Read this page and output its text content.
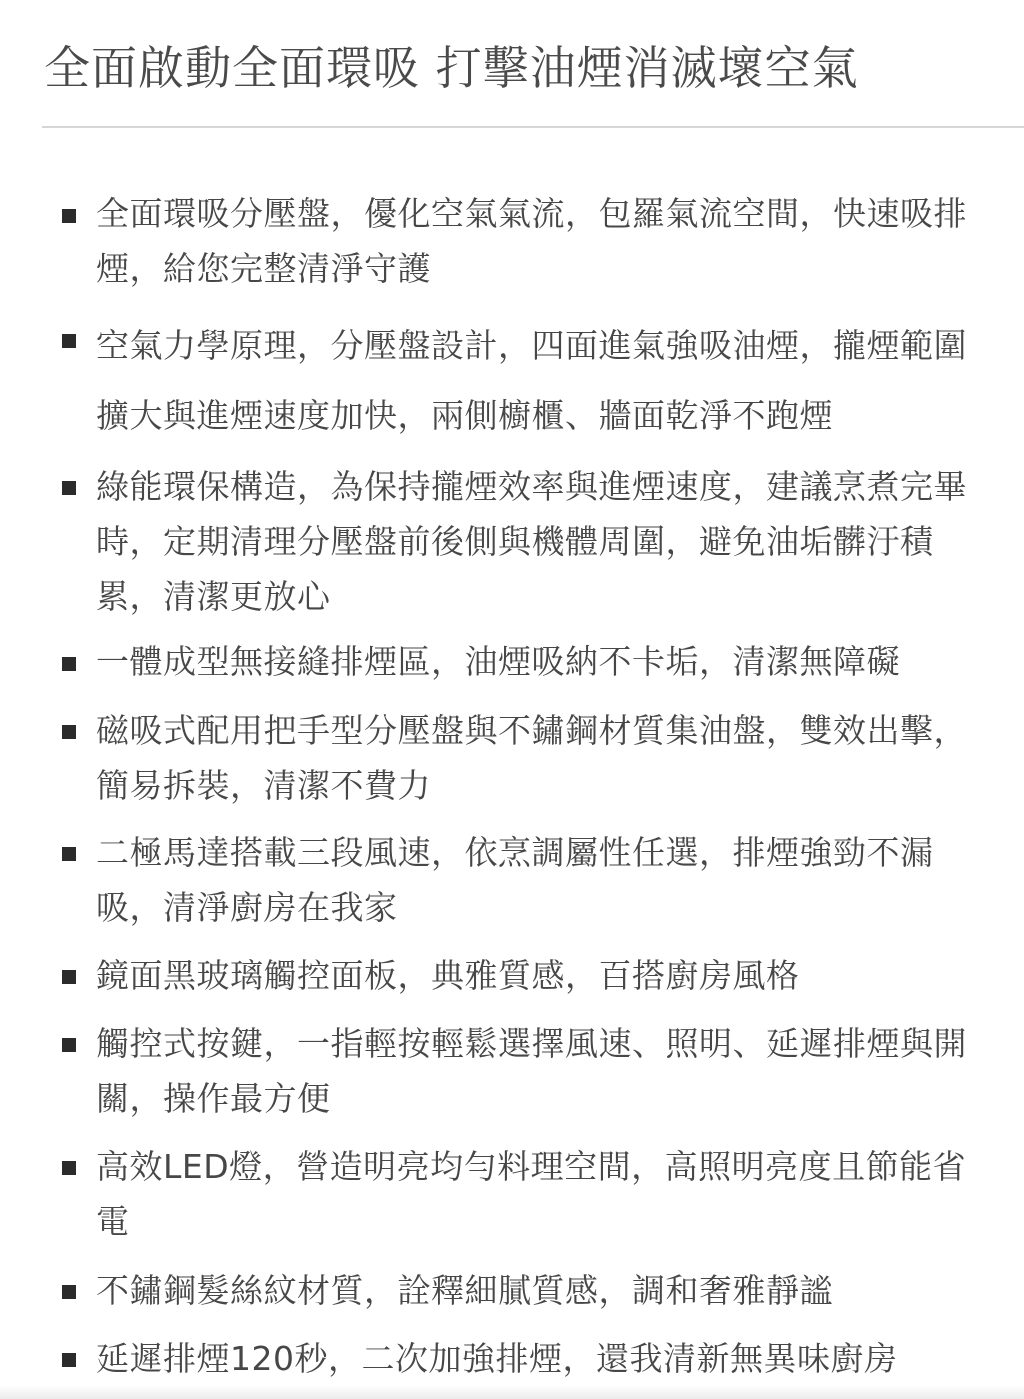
全面啟動全面環吸 打擊油煙消滅壞空氣
全面環吸分壓盤，優化空氣氣流，包羅氣流空間，快速吸排煙，給您完整清淨守護
空氣力學原理，分壓盤設計，四面進氣強吸油煙，攏煙範圍擴大與進煙速度加快，兩側櫥櫃、牆面乾淨不跑煙
綠能環保構造，為保持攏煙效率與進煙速度，建議烹煮完畢時，定期清理分壓盤前後側與機體周圍，避免油垢髒汙積累，清潔更放心
一體成型無接縫排煙區，油煙吸納不卡垢，清潔無障礙
磁吸式配用把手型分壓盤與不鏽鋼材質集油盤，雙效出擊，簡易拆裝，清潔不費力
二極馬達搭載三段風速，依烹調屬性任選，排煙強勁不漏吸，清淨廚房在我家
鏡面黑玻璃觸控面板，典雅質感，百搭廚房風格
觸控式按鍵，一指輕按輕鬆選擇風速、照明、延遲排煙與開關，操作最方便
高效LED燈，營造明亮均勻料理空間，高照明亮度且節能省電
不鏽鋼髮絲紋材質，詮釋細膩質感，調和奢雅靜謐
延遲排煙120秒，二次加強排煙，還我清新無異味廚房
